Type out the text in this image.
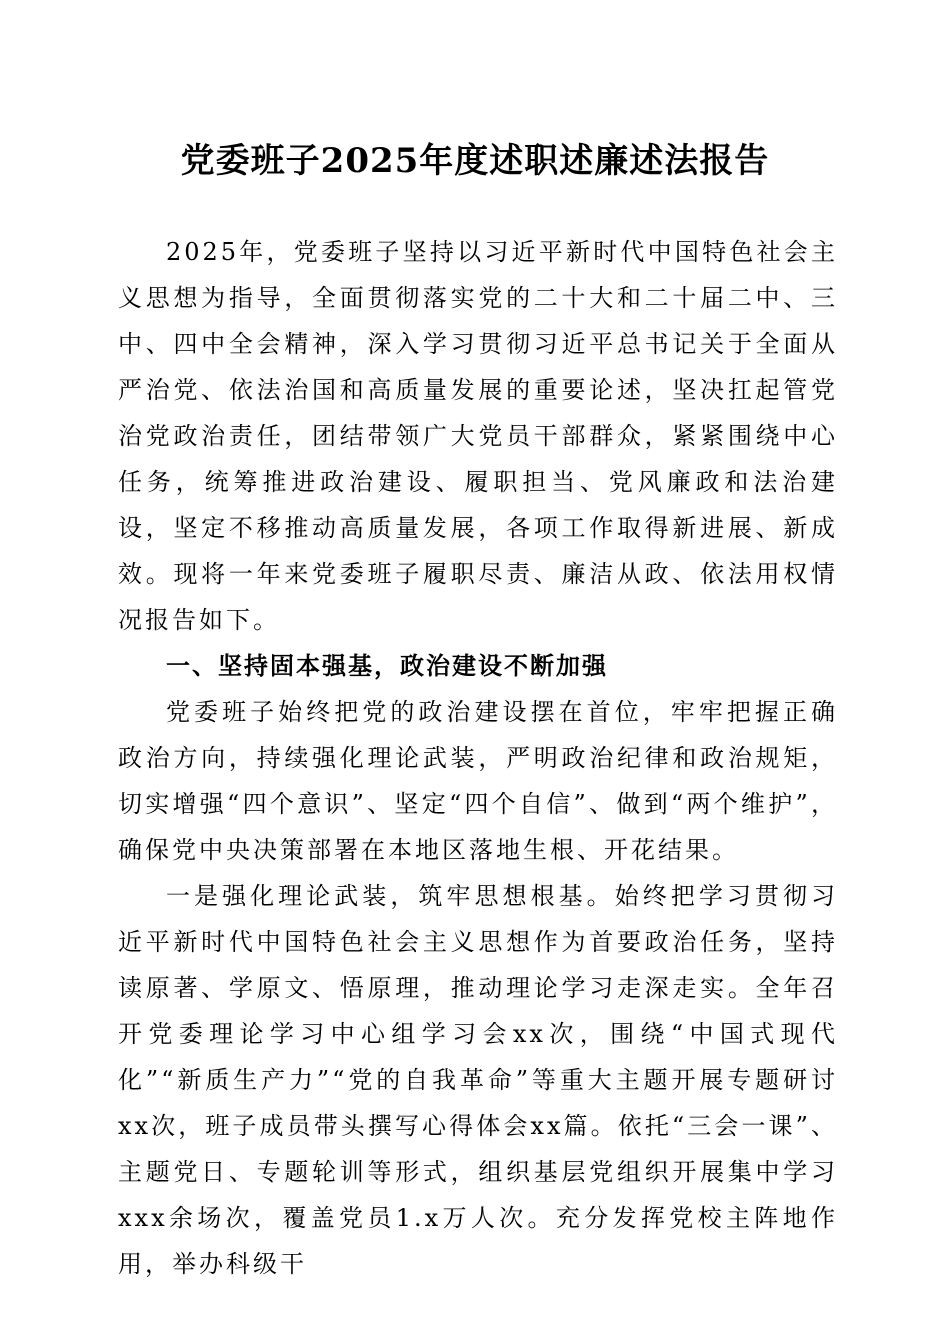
党委班子2025年度述职述廉述法报告

2025年，党委班子坚持以习近平新时代中国特色社会主义思想为指导，全面贯彻落实党的二十大和二十届二中、三中、四中全会精神，深入学习贯彻习近平总书记关于全面从严治党、依法治国和高质量发展的重要论述，坚决扛起管党治党政治责任，团结带领广大党员干部群众，紧紧围绕中心任务，统筹推进政治建设、履职担当、党风廉政和法治建设，坚定不移推动高质量发展，各项工作取得新进展、新成效。现将一年来党委班子履职尽责、廉洁从政、依法用权情况报告如下。

一、坚持固本强基，政治建设不断加强

党委班子始终把党的政治建设摆在首位，牢牢把握正确政治方向，持续强化理论武装，严明政治纪律和政治规矩，切实增强“四个意识”、坚定“四个自信”、做到“两个维护”，确保党中央决策部署在本地区落地生根、开花结果。

一是强化理论武装，筑牢思想根基。始终把学习贯彻习近平新时代中国特色社会主义思想作为首要政治任务，坚持读原著、学原文、悟原理，推动理论学习走深走实。全年召开党委理论学习中心组学习会xx次，围绕“中国式现代化”“新质生产力”“党的自我革命”等重大主题开展专题研讨xx次，班子成员带头撰写心得体会xx篇。依托“三会一课”、主题党日、专题轮训等形式，组织基层党组织开展集中学习xxx余场次，覆盖党员1.x万人次。充分发挥党校主阵地作用，举办科级干
